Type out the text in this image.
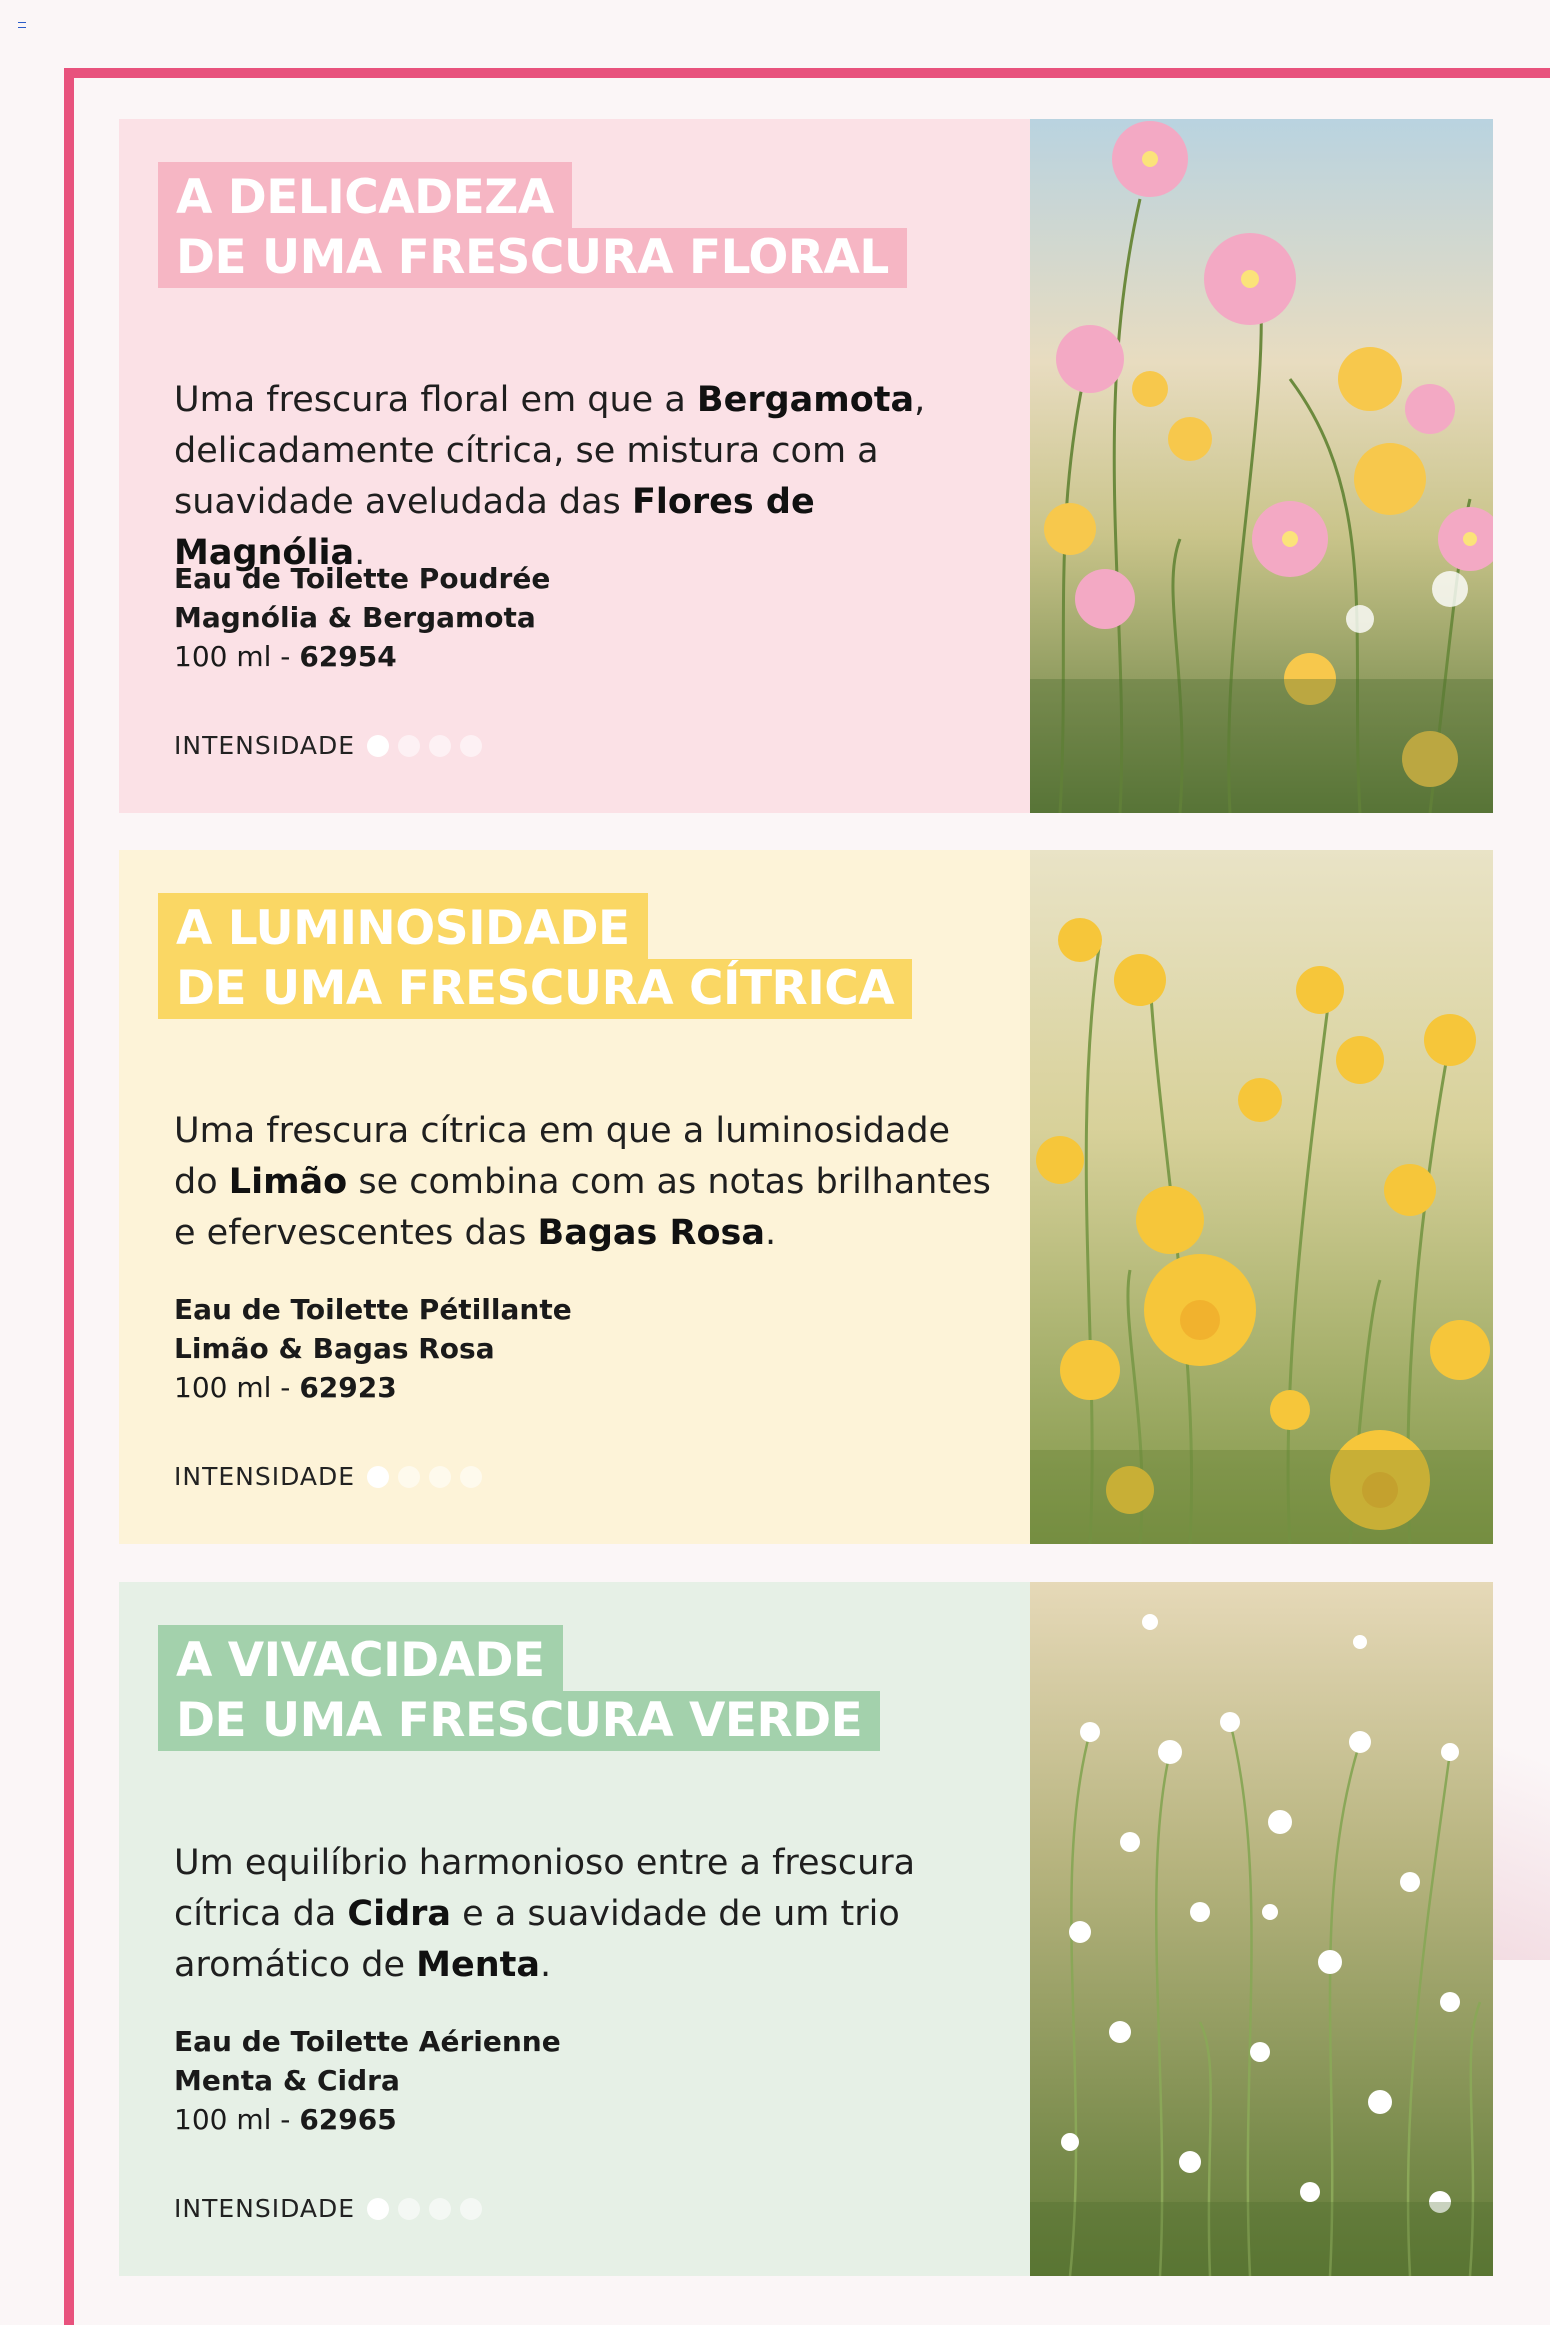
A DELICADEZA
DE UMA FRESCURA FLORAL
Uma frescura floral em que a Bergamota,
delicadamente cítrica, se mistura com a
suavidade aveludada das Flores de Magnólia.
Eau de Toilette Poudrée
Magnólia & Bergamota
100 ml - 62954
INTENSIDADE
A LUMINOSIDADE
DE UMA FRESCURA CÍTRICA
Uma frescura cítrica em que a luminosidade
do Limão se combina com as notas brilhantes
e efervescentes das Bagas Rosa.
Eau de Toilette Pétillante
Limão & Bagas Rosa
100 ml - 62923
INTENSIDADE
A VIVACIDADE
DE UMA FRESCURA VERDE
Um equilíbrio harmonioso entre a frescura
cítrica da Cidra e a suavidade de um trio
aromático de Menta.
Eau de Toilette Aérienne
Menta & Cidra
100 ml - 62965
INTENSIDADE
